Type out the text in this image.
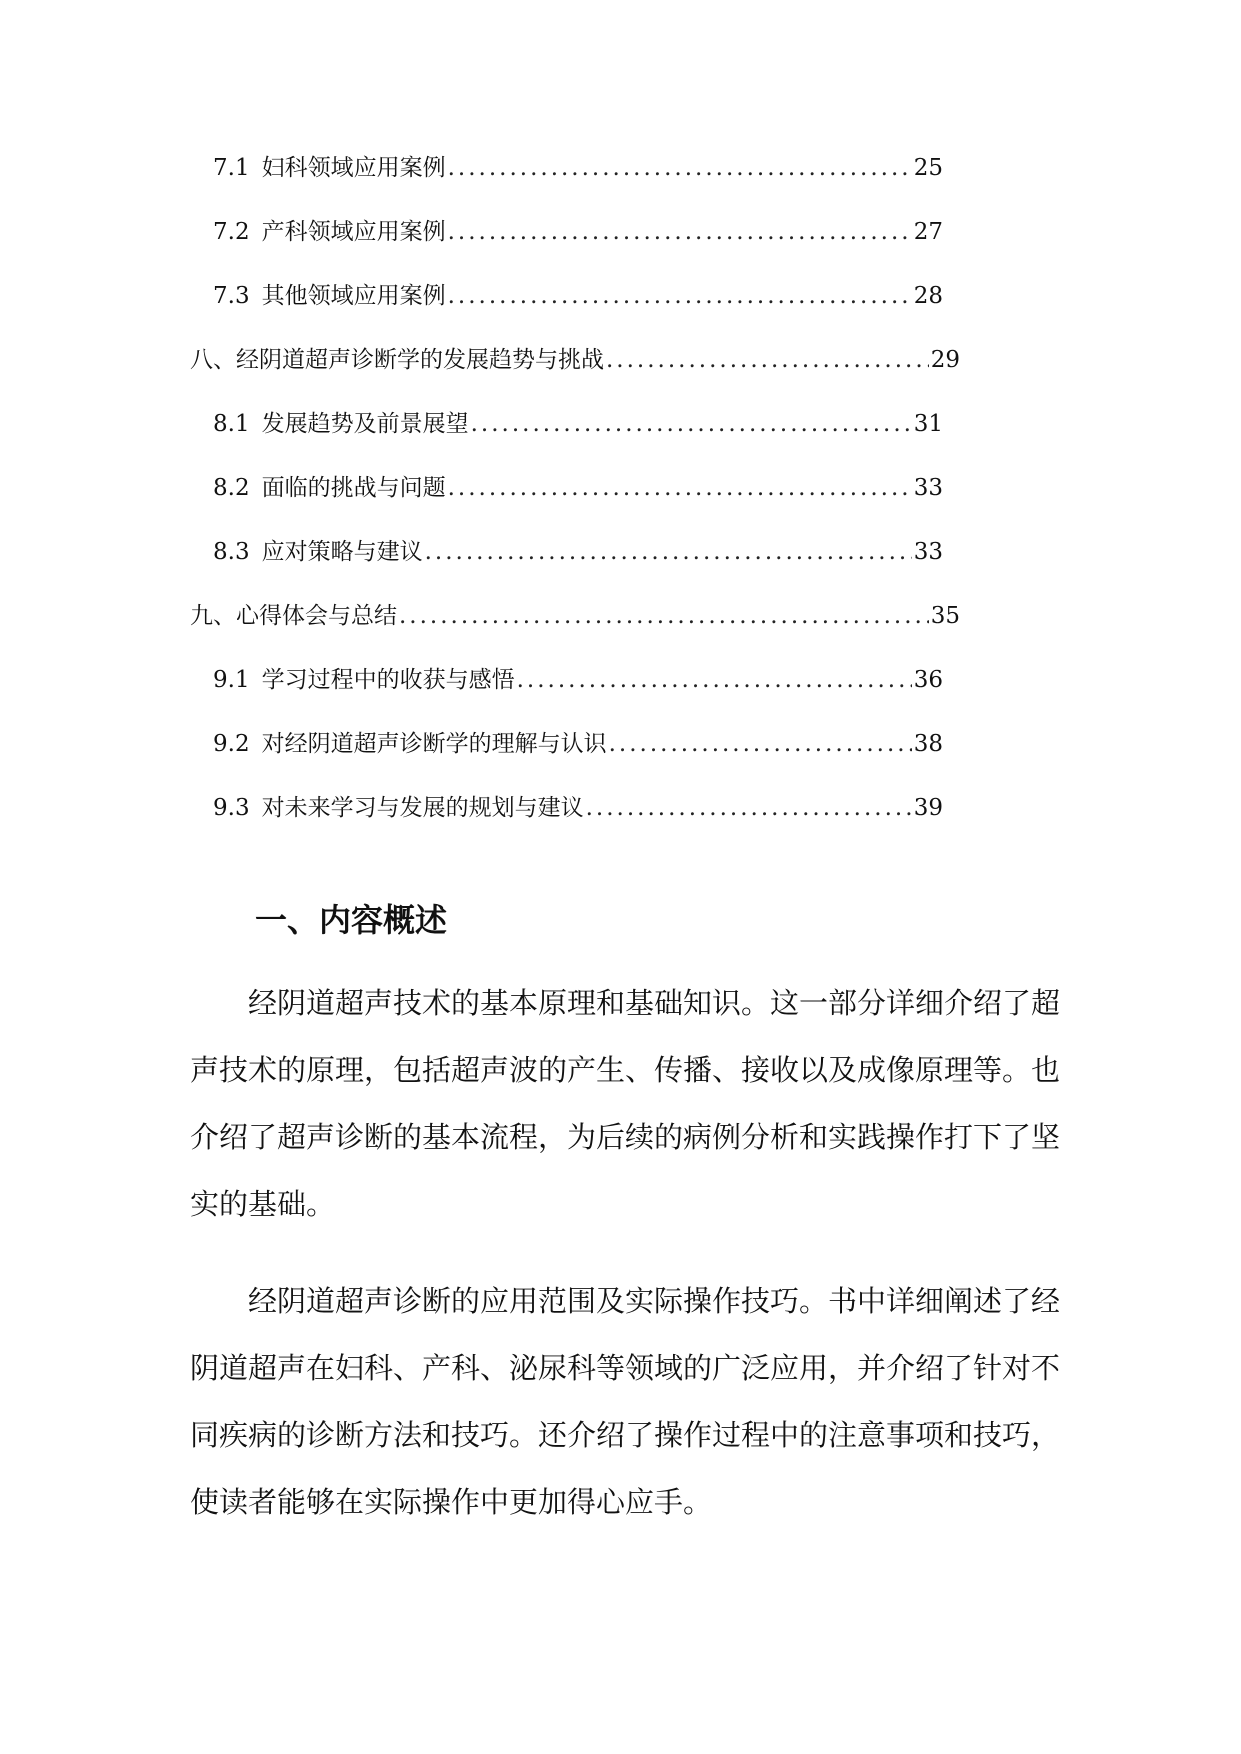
7.1 妇科领域应用案例 .....	25
7.2 产科领域应用案例 .....	27
7.3 其他领域应用案例 .....	28
八、经阴道超声诊断学的发展趋势与挑战 .....	29
8.1 发展趋势及前景展望 .....	31
8.2 面临的挑战与问题 .....	33
8.3 应对策略与建议 .....	33
九、心得体会与总结 .....	35
9.1 学习过程中的收获与感悟 .....	36
9.2 对经阴道超声诊断学的理解与认识 .....	38
9.3 对未来学习与发展的规划与建议 .....	39
一、内容概述

经阴道超声技术的基本原理和基础知识。这一部分详细介绍了超声技术的原理，包括超声波的产生、传播、接收以及成像原理等。也介绍了超声诊断的基本流程，为后续的病例分析和实践操作打下了坚实的基础。

经阴道超声诊断的应用范围及实际操作技巧。书中详细阐述了经阴道超声在妇科、产科、泌尿科等领域的广泛应用，并介绍了针对不同疾病的诊断方法和技巧。还介绍了操作过程中的注意事项和技巧，使读者能够在实际操作中更加得心应手。
